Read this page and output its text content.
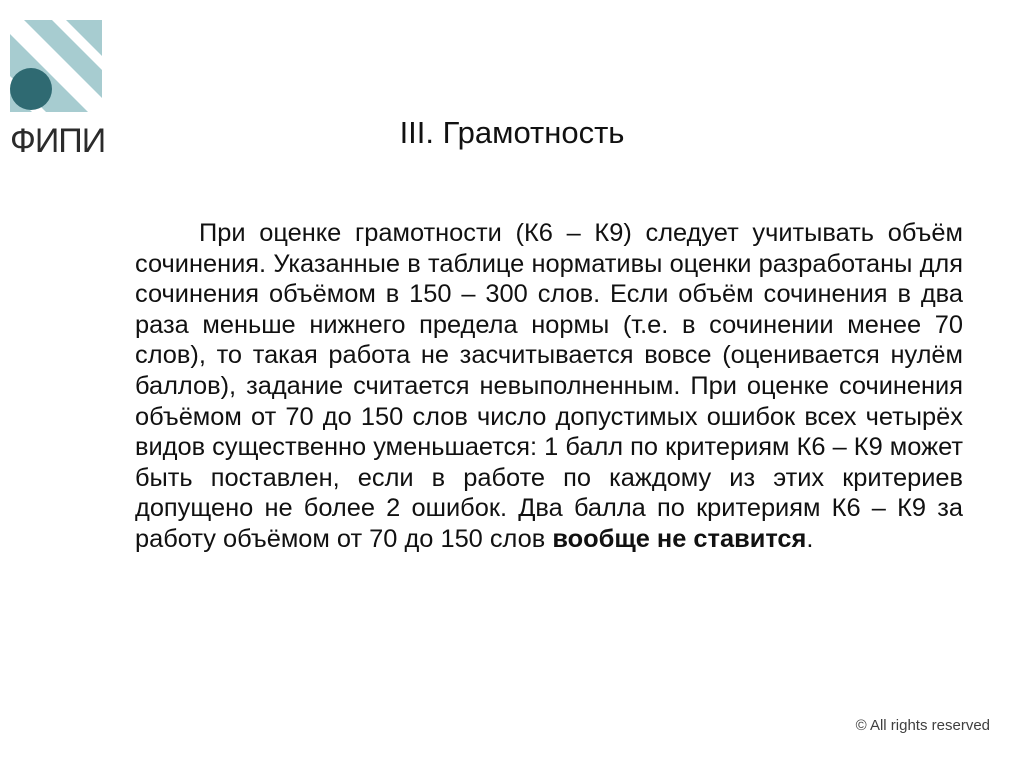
ФИПИ	III. Грамотность

При оценке грамотности (К6 – К9) следует учитывать объём сочинения. Указанные в таблице нормативы оценки разработаны для сочинения объёмом в 150 – 300 слов. Если объём сочинения в два раза меньше нижнего предела нормы (т.е. в сочинении менее 70 слов), то такая работа не засчитывается вовсе (оценивается нулём баллов), задание считается невыполненным. При оценке сочинения объёмом от 70 до 150 слов число допустимых ошибок всех четырёх видов существенно уменьшается: 1 балл по критериям К6 – К9 может быть поставлен, если в работе по каждому из этих критериев допущено не более 2 ошибок. Два балла по критериям К6 – К9 за работу объёмом от 70 до 150 слов вообще не ставится.

© All rights reserved
